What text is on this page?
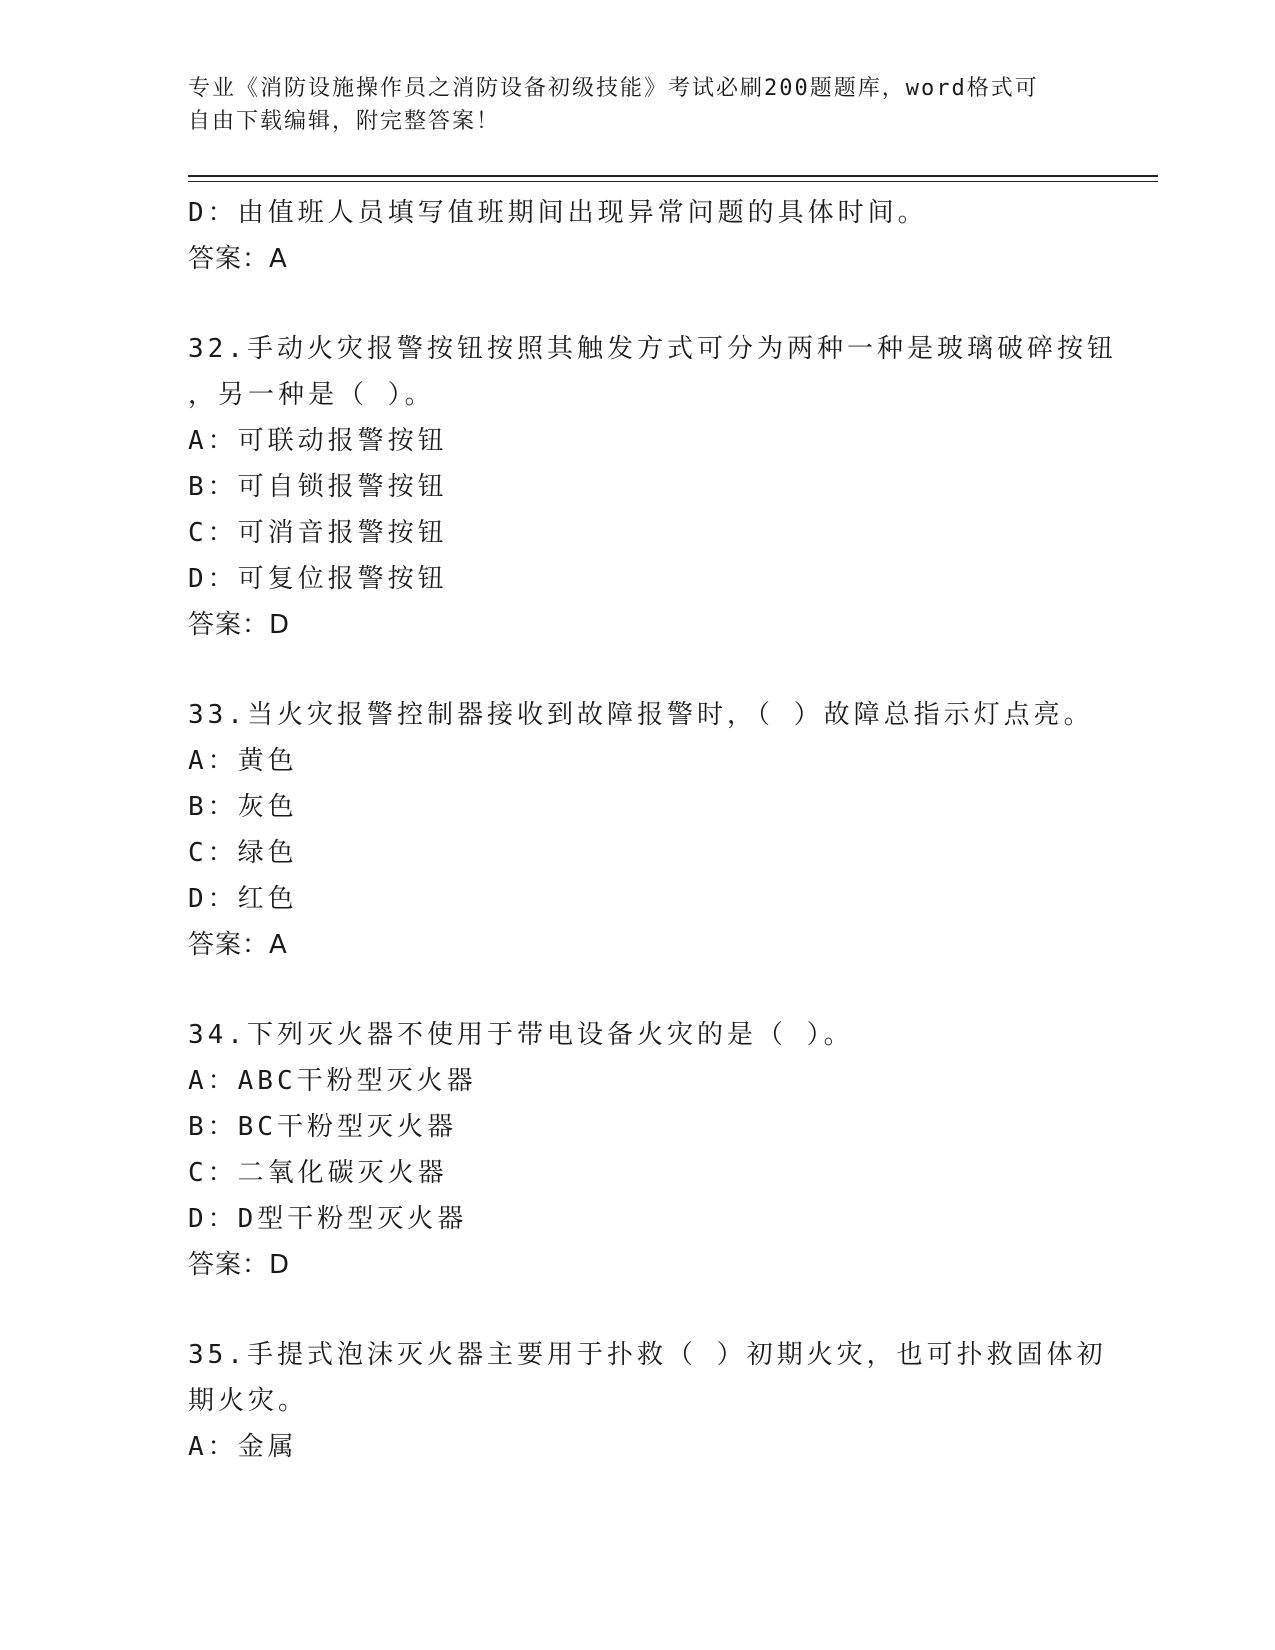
专业《消防设施操作员之消防设备初级技能》考试必刷200题题库，word格式可
自由下载编辑，附完整答案！
D：由值班人员填写值班期间出现异常问题的具体时间。
答案：A
32.手动火灾报警按钮按照其触发方式可分为两种一种是玻璃破碎按钮
，另一种是（ ）。
A：可联动报警按钮
B：可自锁报警按钮
C：可消音报警按钮
D：可复位报警按钮
答案：D
33.当火灾报警控制器接收到故障报警时，（ ）故障总指示灯点亮。
A：黄色
B：灰色
C：绿色
D：红色
答案：A
34.下列灭火器不使用于带电设备火灾的是（ ）。
A：ABC干粉型灭火器
B：BC干粉型灭火器
C：二氧化碳灭火器
D：D型干粉型灭火器
答案：D
35.手提式泡沫灭火器主要用于扑救（ ）初期火灾，也可扑救固体初
期火灾。
A：金属
